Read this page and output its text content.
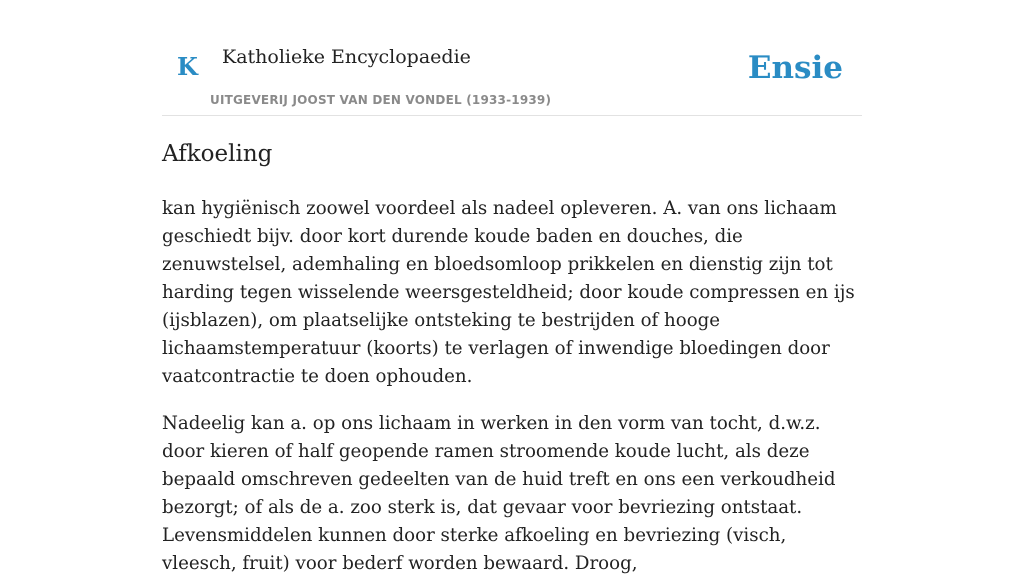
K Katholieke Encyclopaedie
UITGEVERIJ JOOST VAN DEN VONDEL (1933-1939)
Ensie
Afkoeling

kan hygiënisch zoowel voordeel als nadeel opleveren. A. van ons lichaam geschiedt bijv. door kort durende koude baden en douches, die zenuwstelsel, ademhaling en bloedsomloop prikkelen en dienstig zijn tot harding tegen wisselende weersgesteldheid; door koude compressen en ijs (ijsblazen), om plaatselijke ontsteking te bestrijden of hooge lichaamstemperatuur (koorts) te verlagen of inwendige bloedingen door vaatcontractie te doen ophouden.

Nadeelig kan a. op ons lichaam in werken in den vorm van tocht, d.w.z. door kieren of half geopende ramen stroomende koude lucht, als deze bepaald omschreven gedeelten van de huid treft en ons een verkoudheid bezorgt; of als de a. zoo sterk is, dat gevaar voor bevriezing ontstaat. Levensmiddelen kunnen door sterke afkoeling en bevriezing (visch, vleesch, fruit) voor bederf worden bewaard. Droog,
